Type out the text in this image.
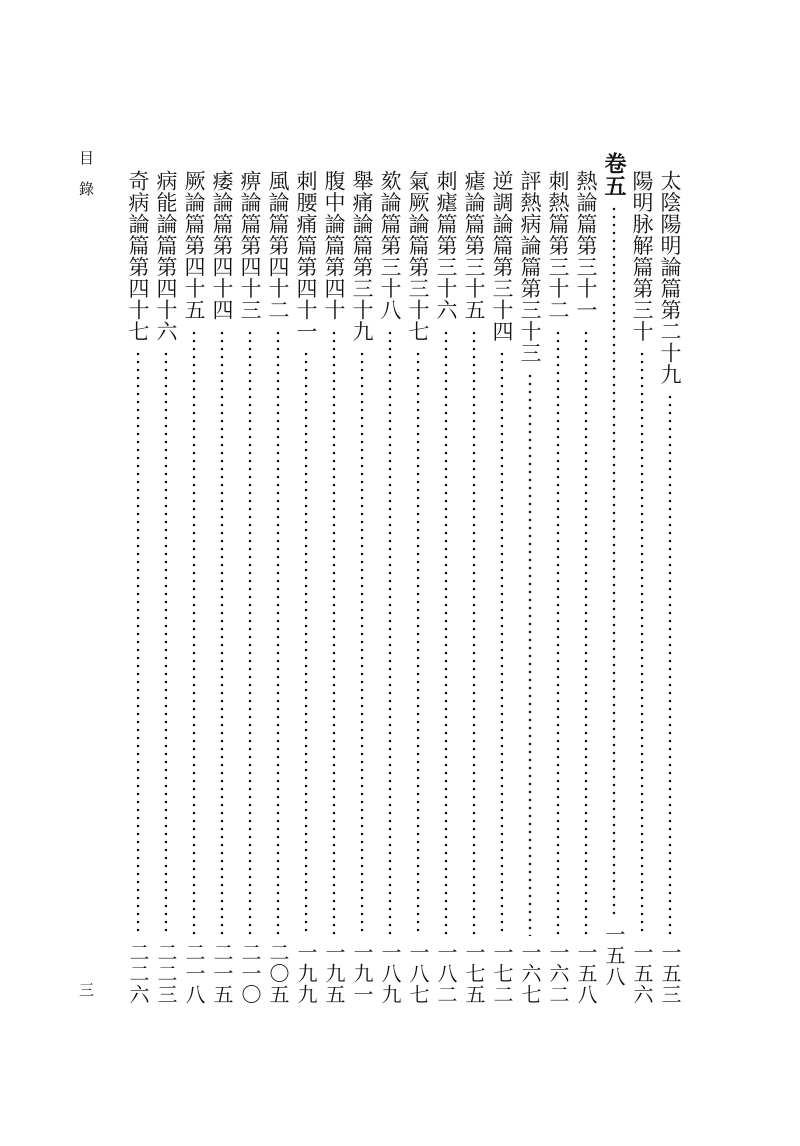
目錄
三
太陰陽明論篇第二十九
一五三
陽明脉解篇第三十
一五六
卷五
一五八
熱論篇第三十一
一五八
刺熱篇第三十二
一六二
評熱病論篇第三十三
一六七
逆調論篇第三十四
一七二
瘧論篇第三十五
一七五
刺瘧篇第三十六
一八二
氣厥論篇第三十七
一八七
欬論篇第三十八
一八九
舉痛論篇第三十九
一九一
腹中論篇第四十
一九五
刺腰痛篇第四十一
一九九
風論篇第四十二
二〇五
痹論篇第四十三
二一〇
痿論篇第四十四
二一五
厥論篇第四十五
二一八
病能論篇第四十六
二二三
奇病論篇第四十七
二二六
